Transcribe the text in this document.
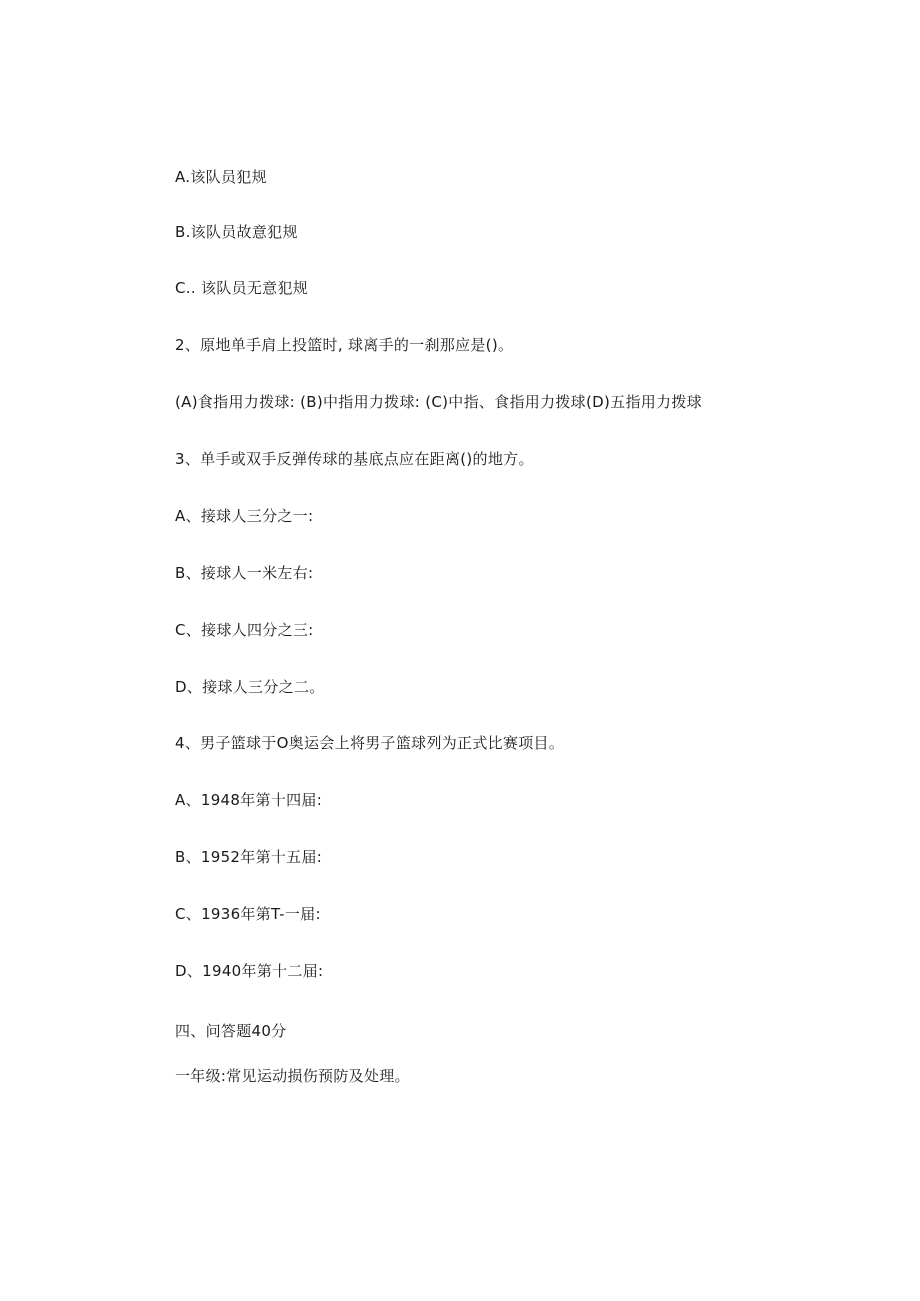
A.该队员犯规
B.该队员故意犯规
C.. 该队员无意犯规
2、原地单手肩上投篮时, 球离手的一刹那应是()。
(A)食指用力拨球: (B)中指用力拨球: (C)中指、食指用力拨球(D)五指用力拨球
3、单手或双手反弹传球的基底点应在距离()的地方。
A、接球人三分之一:
B、接球人一米左右:
C、接球人四分之三:
D、接球人三分之二。
4、男子篮球于O奥运会上将男子篮球列为正式比赛项目。
A、1948年第十四届:
B、1952年第十五届:
C、1936年第T-一届:
D、1940年第十二届:
四、问答题40分
一年级:常见运动损伤预防及处理。
